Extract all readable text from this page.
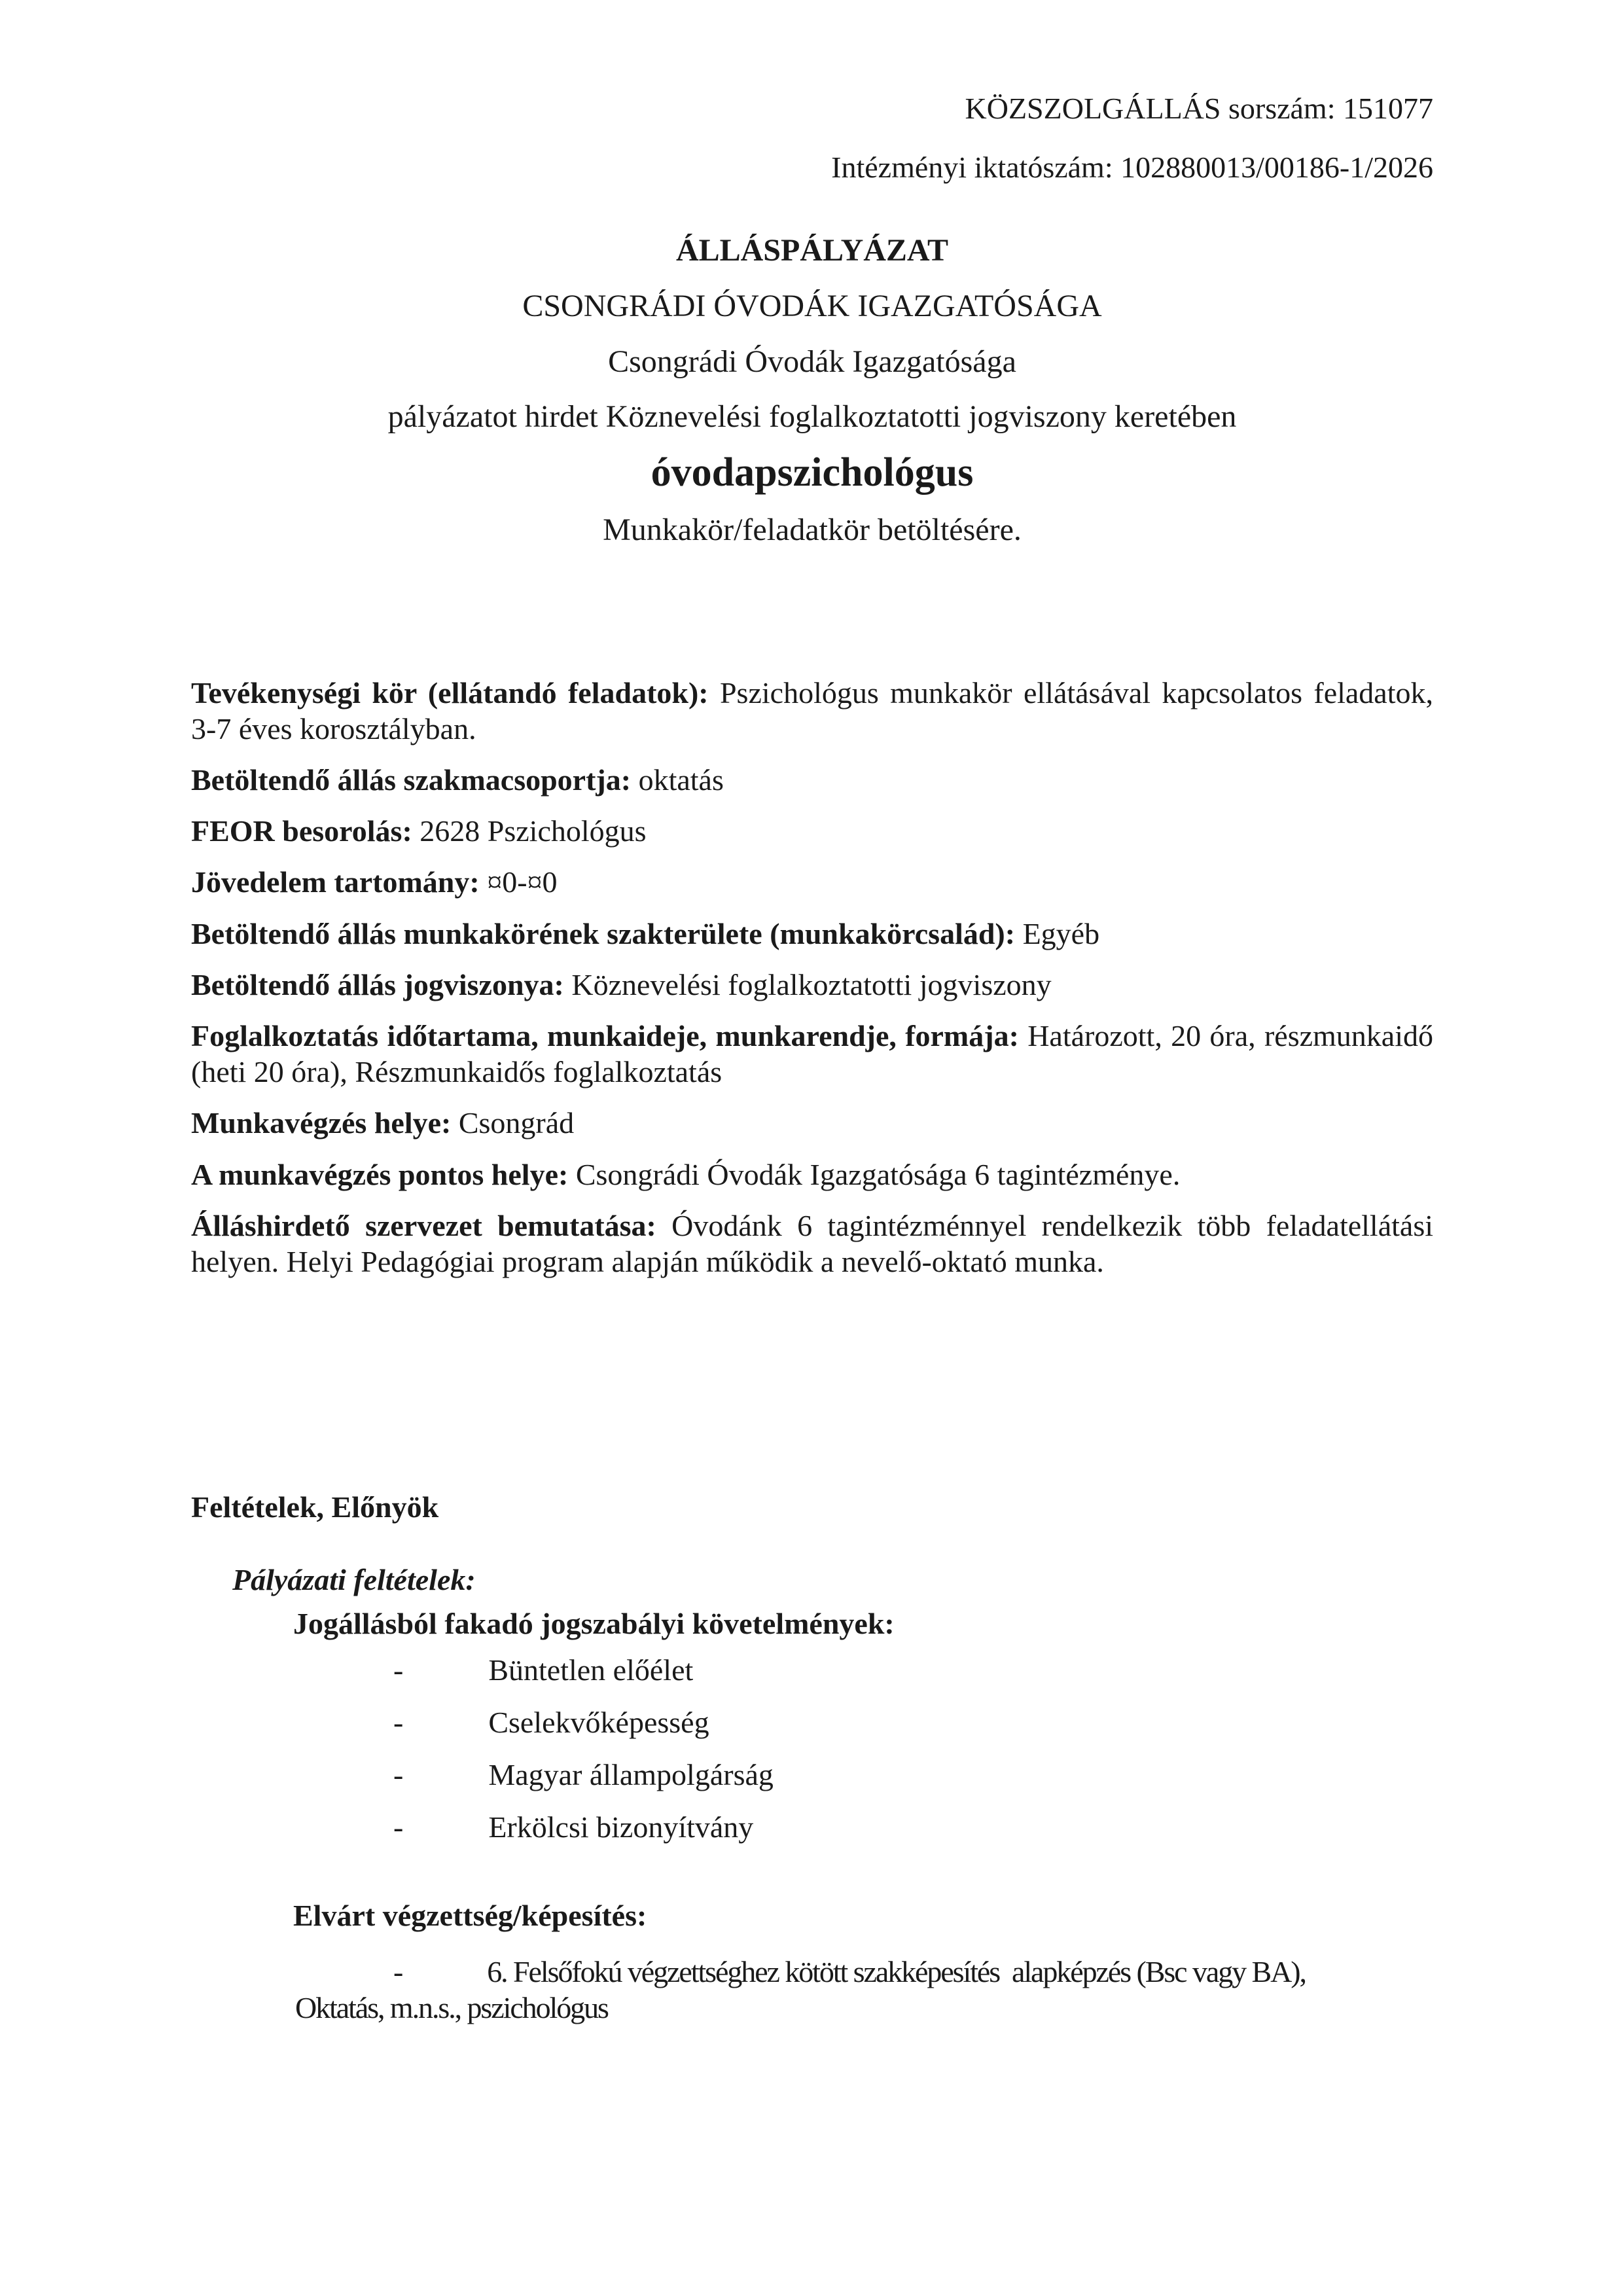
KÖZSZOLGÁLLÁS sorszám: 151077

Intézményi iktatószám: 102880013/00186-1/2026

ÁLLÁSPÁLYÁZAT

CSONGRÁDI ÓVODÁK IGAZGATÓSÁGA

Csongrádi Óvodák Igazgatósága

pályázatot hirdet Köznevelési foglalkoztatotti jogviszony keretében

óvodapszichológus

Munkakör/feladatkör betöltésére.

Tevékenységi kör (ellátandó feladatok): Pszichológus munkakör ellátásával kapcsolatos feladatok, 3-7 éves korosztályban.

Betöltendő állás szakmacsoportja: oktatás

FEOR besorolás: 2628 Pszichológus

Jövedelem tartomány: ¤0-¤0

Betöltendő állás munkakörének szakterülete (munkakörcsalád): Egyéb

Betöltendő állás jogviszonya: Köznevelési foglalkoztatotti jogviszony

Foglalkoztatás időtartama, munkaideje, munkarendje, formája: Határozott, 20 óra, részmunkaidő (heti 20 óra), Részmunkaidős foglalkoztatás

Munkavégzés helye: Csongrád

A munkavégzés pontos helye: Csongrádi Óvodák Igazgatósága 6 tagintézménye.

Álláshirdető szervezet bemutatása: Óvodánk 6 tagintézménnyel rendelkezik több feladatellátási helyen. Helyi Pedagógiai program alapján működik a nevelő-oktató munka.

Feltételek, Előnyök

Pályázati feltételek:

Jogállásból fakadó jogszabályi követelmények:

-	Büntetlen előélet

-	Cselekvőképesség

-	Magyar állampolgárság

-	Erkölcsi bizonyítvány

Elvárt végzettség/képesítés:

-	6. Felsőfokú végzettséghez kötött szakképesítés  alapképzés (Bsc vagy BA),
Oktatás, m.n.s., pszichológus
